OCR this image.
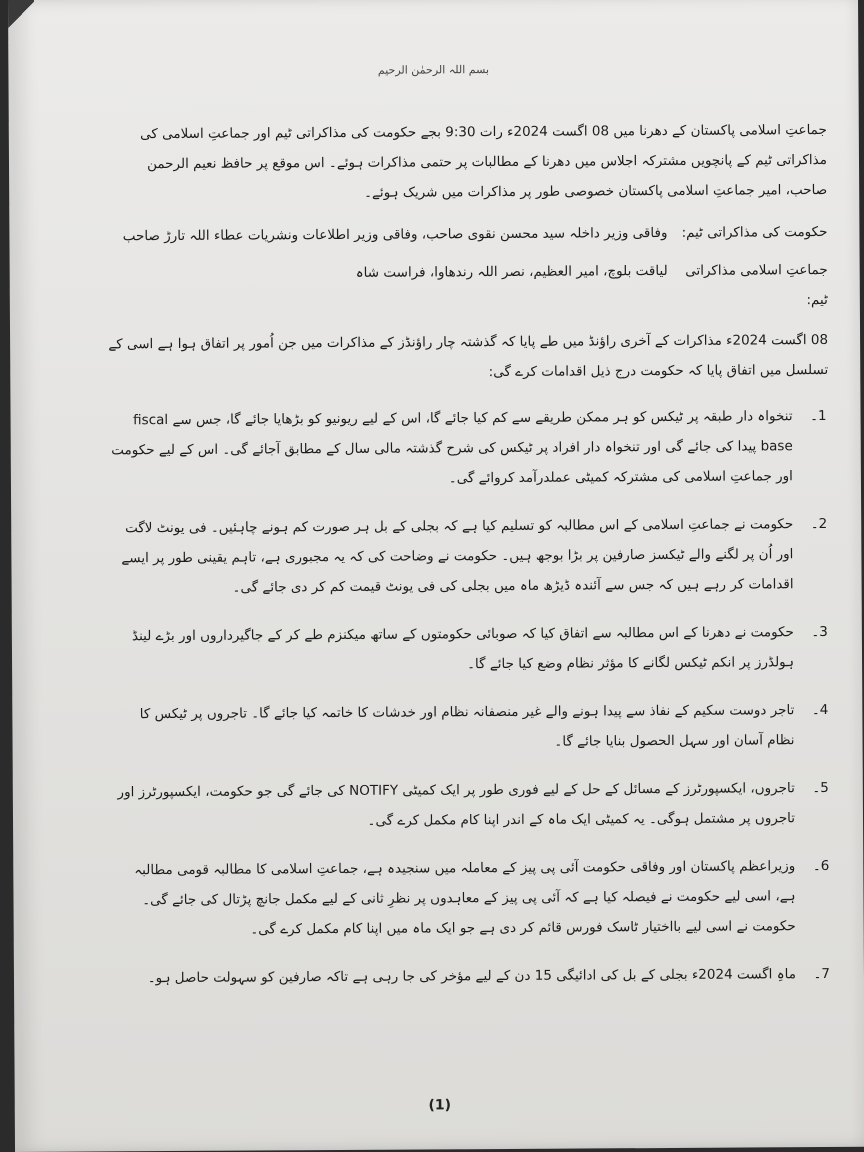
بسم اللہ الرحمٰن الرحیم

جماعتِ اسلامی پاکستان کے دھرنا میں 08 اگست 2024ء رات 9:30 بجے حکومت کی مذاکراتی ٹیم اور جماعتِ اسلامی کی مذاکراتی ٹیم کے پانچویں مشترکہ اجلاس میں دھرنا کے مطالبات پر حتمی مذاکرات ہوئے۔ اس موقع پر حافظ نعیم الرحمن صاحب، امیر جماعتِ اسلامی پاکستان خصوصی طور پر مذاکرات میں شریک ہوئے۔

حکومت کی مذاکراتی ٹیم:
وفاقی وزیر داخلہ سید محسن نقوی صاحب، وفاقی وزیر اطلاعات ونشریات عطاء اللہ تارڑ صاحب
جماعتِ اسلامی مذاکراتی ٹیم:
لیاقت بلوچ، امیر العظیم، نصر اللہ رندھاوا، فراست شاہ

08 اگست 2024ء مذاکرات کے آخری راؤنڈ میں طے پایا کہ گذشتہ چار راؤنڈز کے مذاکرات میں جن اُمور پر اتفاق ہوا ہے اسی کے تسلسل میں اتفاق پایا کہ حکومت درج ذیل اقدامات کرے گی:

1۔
تنخواہ دار طبقہ پر ٹیکس کو ہر ممکن طریقے سے کم کیا جائے گا، اس کے لیے ریونیو کو بڑھایا جائے گا، جس سے fiscal base پیدا کی جائے گی اور تنخواہ دار افراد پر ٹیکس کی شرح گذشتہ مالی سال کے مطابق آجائے گی۔ اس کے لیے حکومت اور جماعتِ اسلامی کی مشترکہ کمیٹی عملدرآمد کروائے گی۔
2۔
حکومت نے جماعتِ اسلامی کے اس مطالبہ کو تسلیم کیا ہے کہ بجلی کے بل ہر صورت کم ہونے چاہئیں۔ فی یونٹ لاگت اور اُن پر لگنے والے ٹیکسز صارفین پر بڑا بوجھ ہیں۔ حکومت نے وضاحت کی کہ یہ مجبوری ہے، تاہم یقینی طور پر ایسے اقدامات کر رہے ہیں کہ جس سے آئندہ ڈیڑھ ماہ میں بجلی کی فی یونٹ قیمت کم کر دی جائے گی۔
3۔
حکومت نے دھرنا کے اس مطالبہ سے اتفاق کیا کہ صوبائی حکومتوں کے ساتھ میکنزم طے کر کے جاگیرداروں اور بڑے لینڈ ہولڈرز پر انکم ٹیکس لگانے کا مؤثر نظام وضع کیا جائے گا۔
4۔
تاجر دوست سکیم کے نفاذ سے پیدا ہونے والے غیر منصفانہ نظام اور خدشات کا خاتمہ کیا جائے گا۔ تاجروں پر ٹیکس کا نظام آسان اور سہل الحصول بنایا جائے گا۔
5۔
تاجروں، ایکسپورٹرز کے مسائل کے حل کے لیے فوری طور پر ایک کمیٹی NOTIFY کی جائے گی جو حکومت، ایکسپورٹرز اور تاجروں پر مشتمل ہوگی۔ یہ کمیٹی ایک ماہ کے اندر اپنا کام مکمل کرے گی۔
6۔
وزیراعظم پاکستان اور وفاقی حکومت آئی پی پیز کے معاملہ میں سنجیدہ ہے، جماعتِ اسلامی کا مطالبہ قومی مطالبہ ہے، اسی لیے حکومت نے فیصلہ کیا ہے کہ آئی پی پیز کے معاہدوں پر نظرِ ثانی کے لیے مکمل جانچ پڑتال کی جائے گی۔ حکومت نے اسی لیے بااختیار ٹاسک فورس قائم کر دی ہے جو ایک ماہ میں اپنا کام مکمل کرے گی۔
7۔
ماہِ اگست 2024ء بجلی کے بل کی ادائیگی 15 دن کے لیے مؤخر کی جا رہی ہے تاکہ صارفین کو سہولت حاصل ہو۔
(1)
